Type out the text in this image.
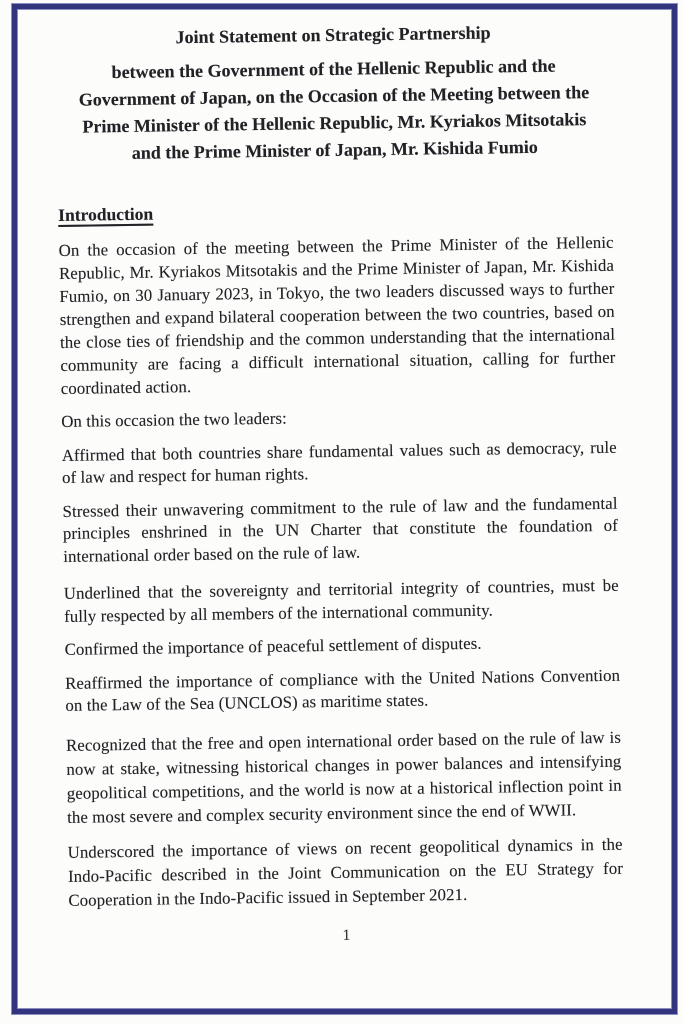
Joint Statement on Strategic Partnership
between the Government of the Hellenic Republic and the
Government of Japan, on the Occasion of the Meeting between the
Prime Minister of the Hellenic Republic, Mr. Kyriakos Mitsotakis
and the Prime Minister of Japan, Mr. Kishida Fumio
Introduction

On the occasion of the meeting between the Prime Minister of the Hellenic Republic, Mr. Kyriakos Mitsotakis and the Prime Minister of Japan, Mr. Kishida Fumio, on 30 January 2023, in Tokyo, the two leaders discussed ways to further strengthen and expand bilateral cooperation between the two countries, based on the close ties of friendship and the common understanding that the international community are facing a difficult international situation, calling for further coordinated action.

On this occasion the two leaders:

Affirmed that both countries share fundamental values such as democracy, rule of law and respect for human rights.

Stressed their unwavering commitment to the rule of law and the fundamental principles enshrined in the UN Charter that constitute the foundation of international order based on the rule of law.

Underlined that the sovereignty and territorial integrity of countries, must be fully respected by all members of the international community.

Confirmed the importance of peaceful settlement of disputes.

Reaffirmed the importance of compliance with the United Nations Convention on the Law of the Sea (UNCLOS) as maritime states.

Recognized that the free and open international order based on the rule of law is now at stake, witnessing historical changes in power balances and intensifying geopolitical competitions, and the world is now at a historical inflection point in the most severe and complex security environment since the end of WWII.

Underscored the importance of views on recent geopolitical dynamics in the Indo-Pacific described in the Joint Communication on the EU Strategy for Cooperation in the Indo-Pacific issued in September 2021.

1
